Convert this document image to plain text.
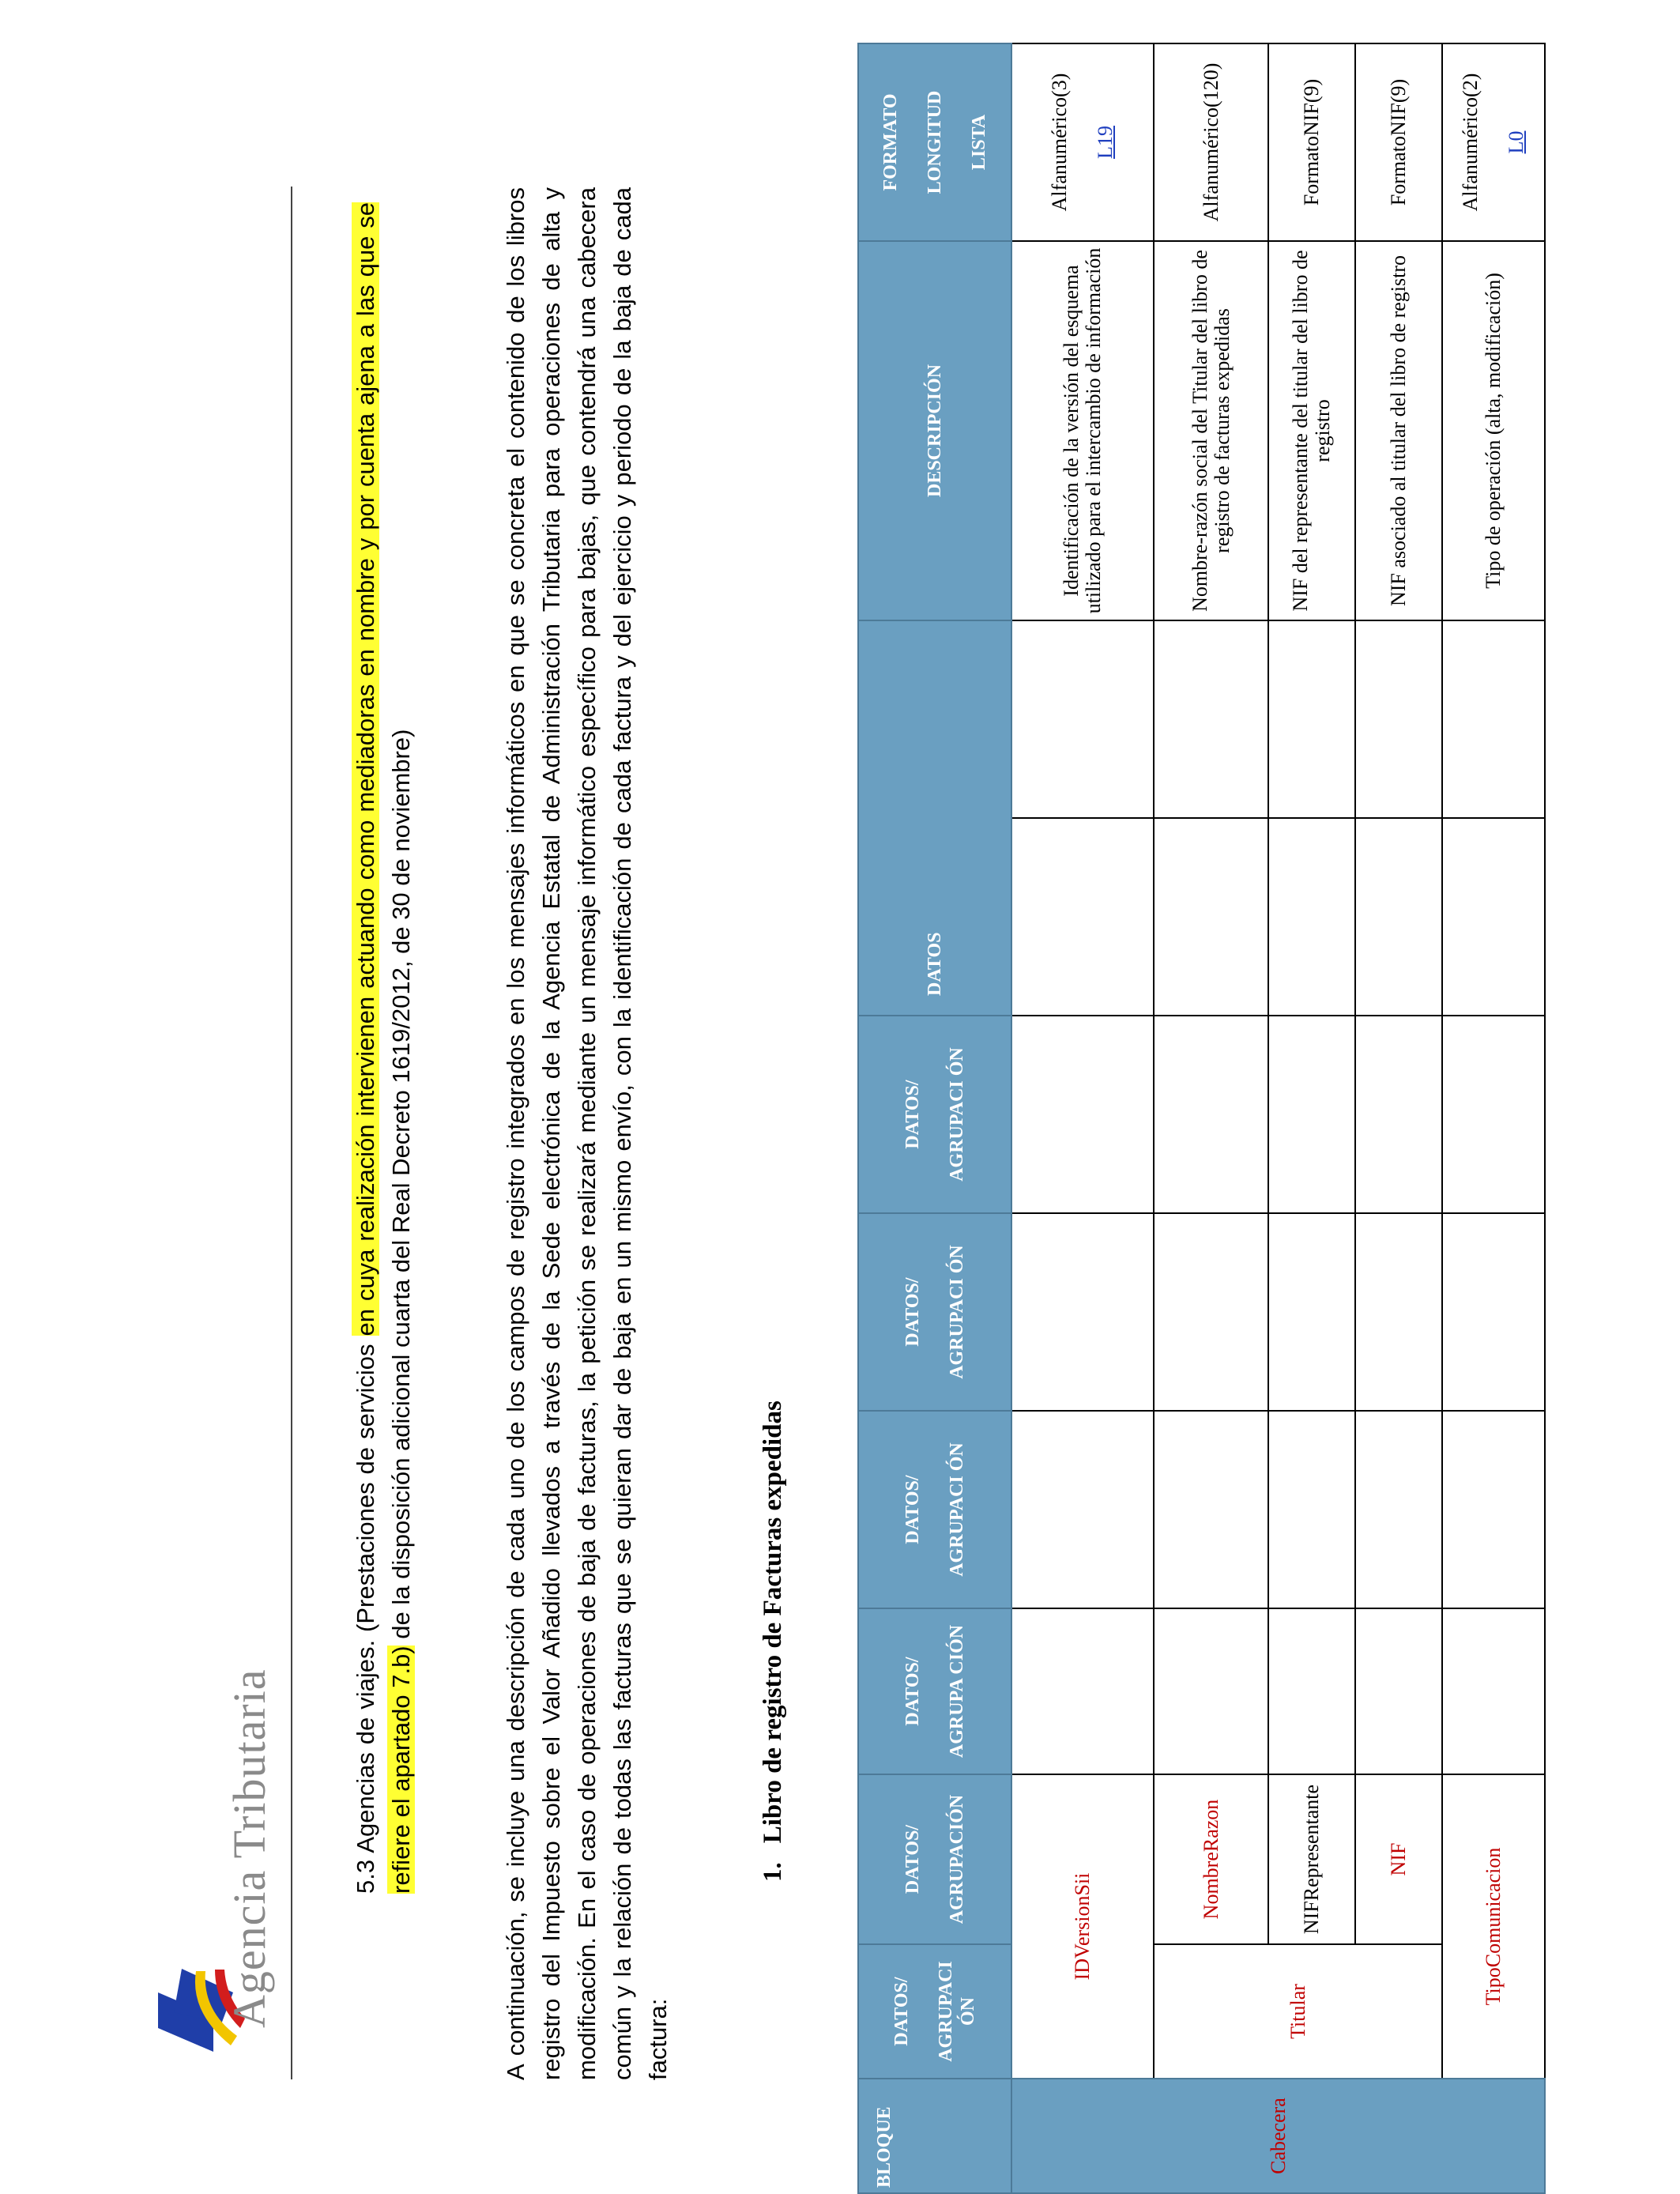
Agencia Tributaria	5.3 Agencias de viajes. (Prestaciones de servicios en cuya realización intervienen actuando como mediadoras en nombre y por cuenta ajena a las que se refiere el apartado 7.b) de la disposición adicional cuarta del Real Decreto 1619/2012, de 30 de noviembre)	A continuación, se incluye una descripción de cada uno de los campos de registro integrados en los mensajes informáticos en que se concreta el contenido de los libros registro del Impuesto sobre el Valor Añadido llevados a través de la Sede electrónica de la Agencia Estatal de Administración Tributaria para operaciones de alta y modificación. En el caso de operaciones de baja de facturas, la petición se realizará mediante un mensaje informático específico para bajas, que contendrá una cabecera común y la relación de todas las facturas que se quieran dar de baja en un mismo envío, con la identificación de cada factura y del ejercicio y periodo de la baja de cada factura:
1.Libro de registro de Facturas expedidas
BLOQUE	DATOS/ AGRUPACI ÓN	DATOS/ AGRUPACIÓN	DATOS/ AGRUPA CIÓN	DATOS/ AGRUPACI ÓN	DATOS/ AGRUPACI ÓN	DATOS/ AGRUPACI ÓN	DATOS		DESCRIPCIÓN	FORMATO LONGITUD LISTA

Cabecera	IDVersionSii								Identificación de la versión del esquema utilizado para el intercambio de información	Alfanumérico(3) L19

	Titular	NombreRazon							Nombre-razón social del Titular del libro de registro de facturas expedidas	Alfanumérico(120)
		NIFRepresentante							NIF del representante del titular del libro de registro	FormatoNIF(9)
		NIF							NIF asociado al titular del libro de registro	FormatoNIF(9)
	TipoComunicacion								Tipo de operación (alta, modificación)	Alfanumérico(2) L0
